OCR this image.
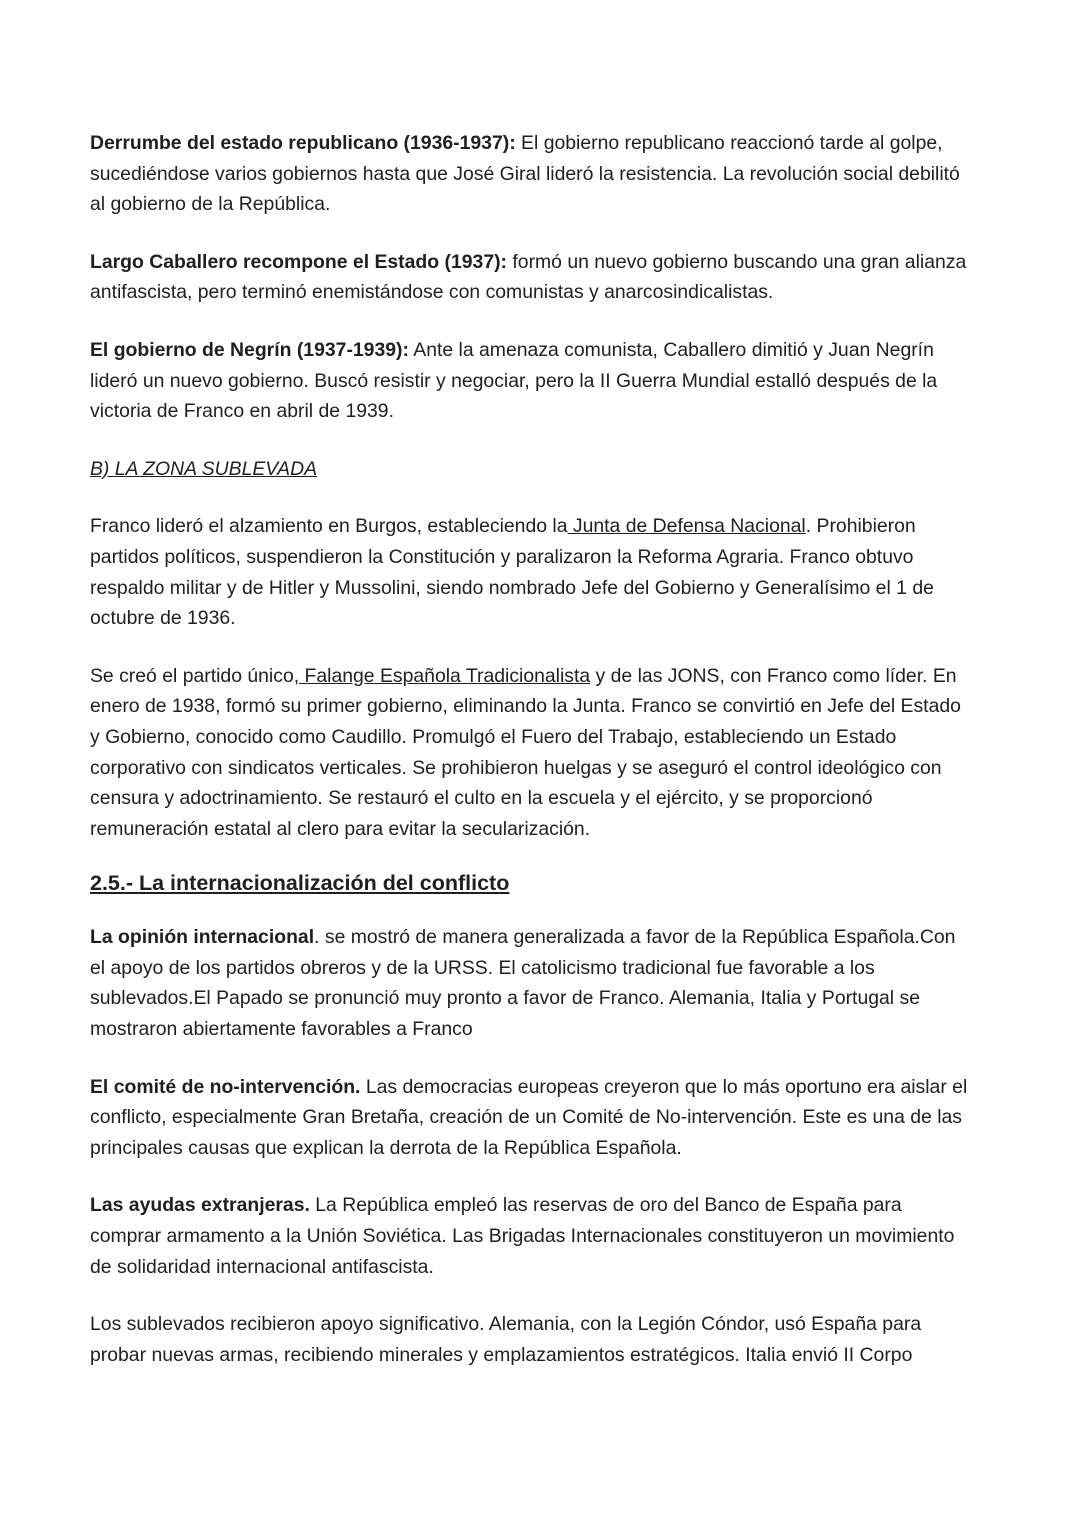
Derrumbe del estado republicano (1936-1937): El gobierno republicano reaccionó tarde al golpe, sucediéndose varios gobiernos hasta que José Giral lideró la resistencia. La revolución social debilitó al gobierno de la República.

Largo Caballero recompone el Estado (1937): formó un nuevo gobierno buscando una gran alianza antifascista, pero terminó enemistándose con comunistas y anarcosindicalistas.

El gobierno de Negrín (1937-1939): Ante la amenaza comunista, Caballero dimitió y Juan Negrín lideró un nuevo gobierno. Buscó resistir y negociar, pero la II Guerra Mundial estalló después de la victoria de Franco en abril de 1939.

B) LA ZONA SUBLEVADA

Franco lideró el alzamiento en Burgos, estableciendo la Junta de Defensa Nacional. Prohibieron partidos políticos, suspendieron la Constitución y paralizaron la Reforma Agraria. Franco obtuvo respaldo militar y de Hitler y Mussolini, siendo nombrado Jefe del Gobierno y Generalísimo el 1 de octubre de 1936.

Se creó el partido único, Falange Española Tradicionalista y de las JONS, con Franco como líder. En enero de 1938, formó su primer gobierno, eliminando la Junta. Franco se convirtió en Jefe del Estado y Gobierno, conocido como Caudillo. Promulgó el Fuero del Trabajo, estableciendo un Estado corporativo con sindicatos verticales. Se prohibieron huelgas y se aseguró el control ideológico con censura y adoctrinamiento. Se restauró el culto en la escuela y el ejército, y se proporcionó remuneración estatal al clero para evitar la secularización.

2.5.- La internacionalización del conflicto

La opinión internacional. se mostró de manera generalizada a favor de la República Española.Con el apoyo de los partidos obreros y de la URSS. El catolicismo tradicional fue favorable a los sublevados.El Papado se pronunció muy pronto a favor de Franco. Alemania, Italia y Portugal se mostraron abiertamente favorables a Franco

El comité de no-intervención. Las democracias europeas creyeron que lo más oportuno era aislar el conflicto, especialmente Gran Bretaña, creación de un Comité de No-intervención. Este es una de las principales causas que explican la derrota de la República Española.

Las ayudas extranjeras. La República empleó las reservas de oro del Banco de España para comprar armamento a la Unión Soviética. Las Brigadas Internacionales constituyeron un movimiento de solidaridad internacional antifascista.

Los sublevados recibieron apoyo significativo. Alemania, con la Legión Cóndor, usó España para probar nuevas armas, recibiendo minerales y emplazamientos estratégicos. Italia envió II Corpo
